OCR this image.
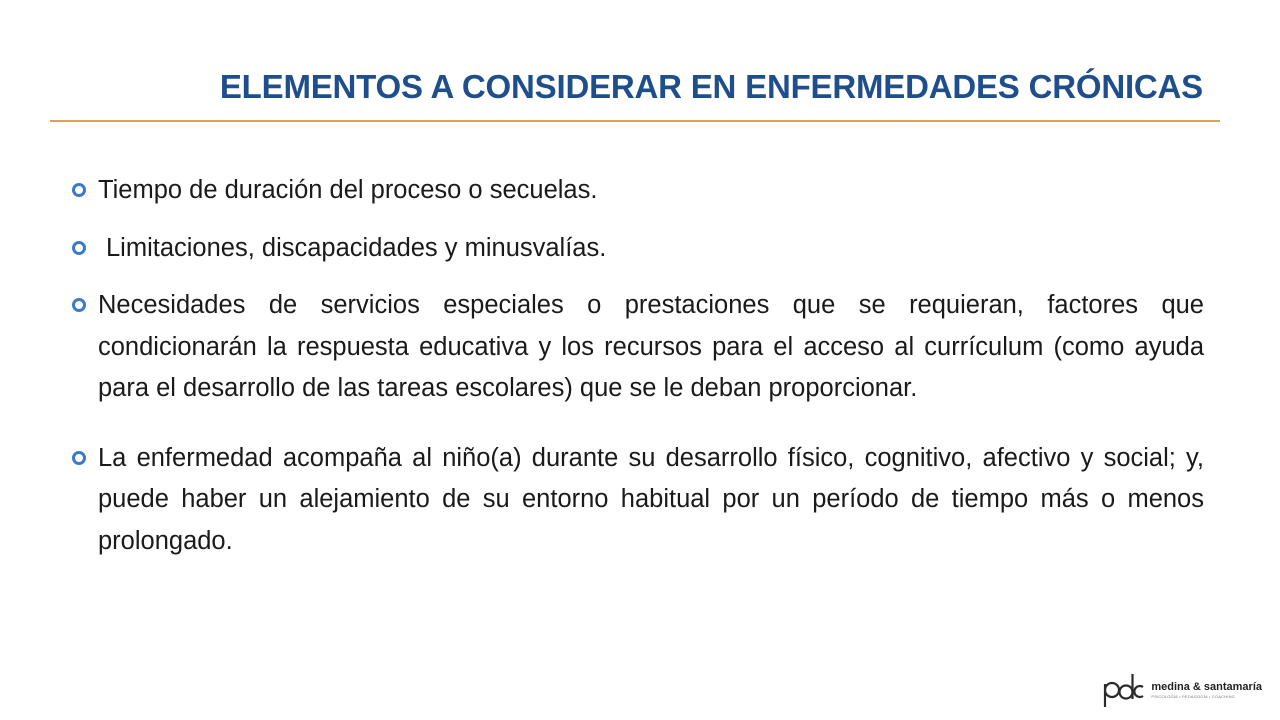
ELEMENTOS A CONSIDERAR EN ENFERMEDADES CRÓNICAS
Tiempo de duración del proceso o secuelas.
Limitaciones, discapacidades y minusvalías.
Necesidades de servicios especiales o prestaciones que se requieran, factores que condicionarán la respuesta educativa y los recursos para el acceso al currículum (como ayuda para el desarrollo de las tareas escolares) que se le deban proporcionar.
La enfermedad acompaña al niño(a) durante su desarrollo físico, cognitivo, afectivo y social; y, puede haber un alejamiento de su entorno habitual por un período de tiempo más o menos prolongado.
medina & santamaría
PSICOLOGÍA • PEDAGOGÍA • COACHING
